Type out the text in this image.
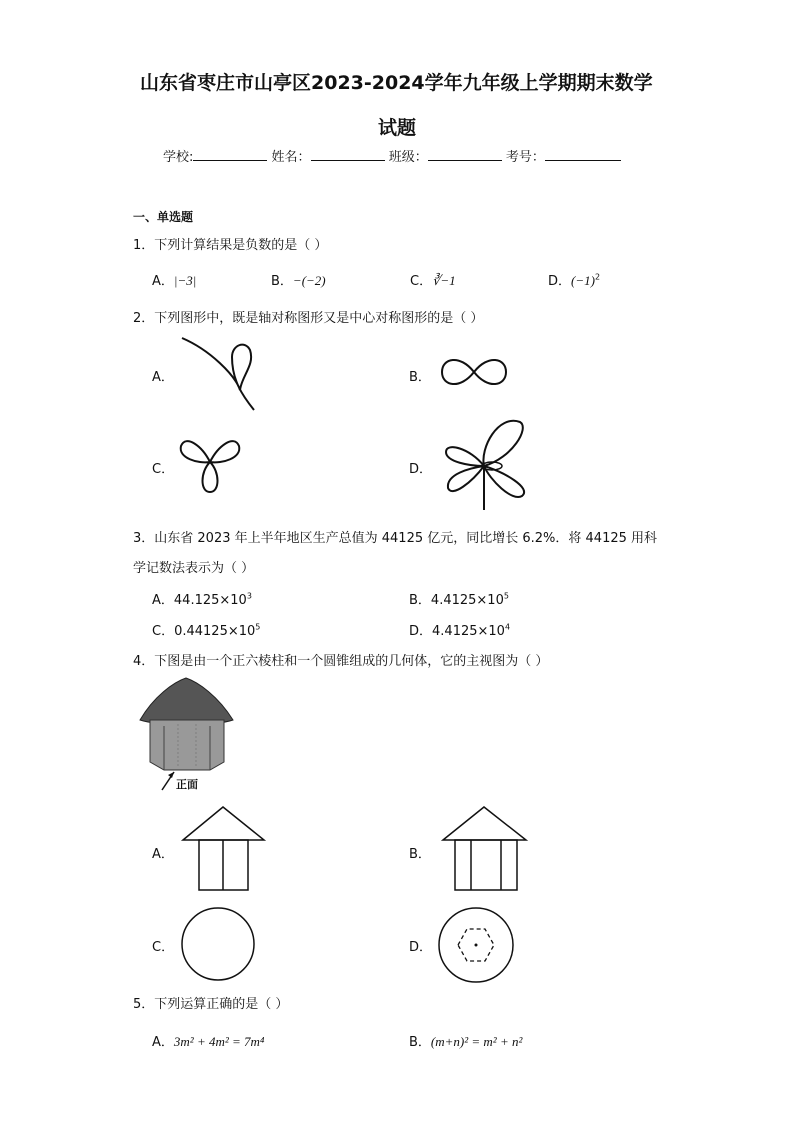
山东省枣庄市山亭区2023-2024学年九年级上学期期末数学
试题
学校:	姓名：	班级：	考号：
一、单选题
1．下列计算结果是负数的是（ ）
A．|−3|	B．−(−2)	C．∛−1	D．$(-1)^2$
2．下列图形中，既是轴对称图形又是中心对称图形的是（ ）
A．	B．
C．	D．
3．山东省 2023 年上半年地区生产总值为 44125 亿元，同比增长 6.2%．将 44125 用科
学记数法表示为（ ）
A．$44.125\times 10^3$	B．$4.4125\times 10^5$
C．$0.44125\times 10^5$	D．$4.4125\times 10^4$
4．下图是由一个正六棱柱和一个圆锥组成的几何体，它的主视图为（ ）
正面
A．	B．
C．	D．
5．下列运算正确的是（ ）
A．3m² + 4m² = 7m⁴	B．(m+n)² = m² + n²
